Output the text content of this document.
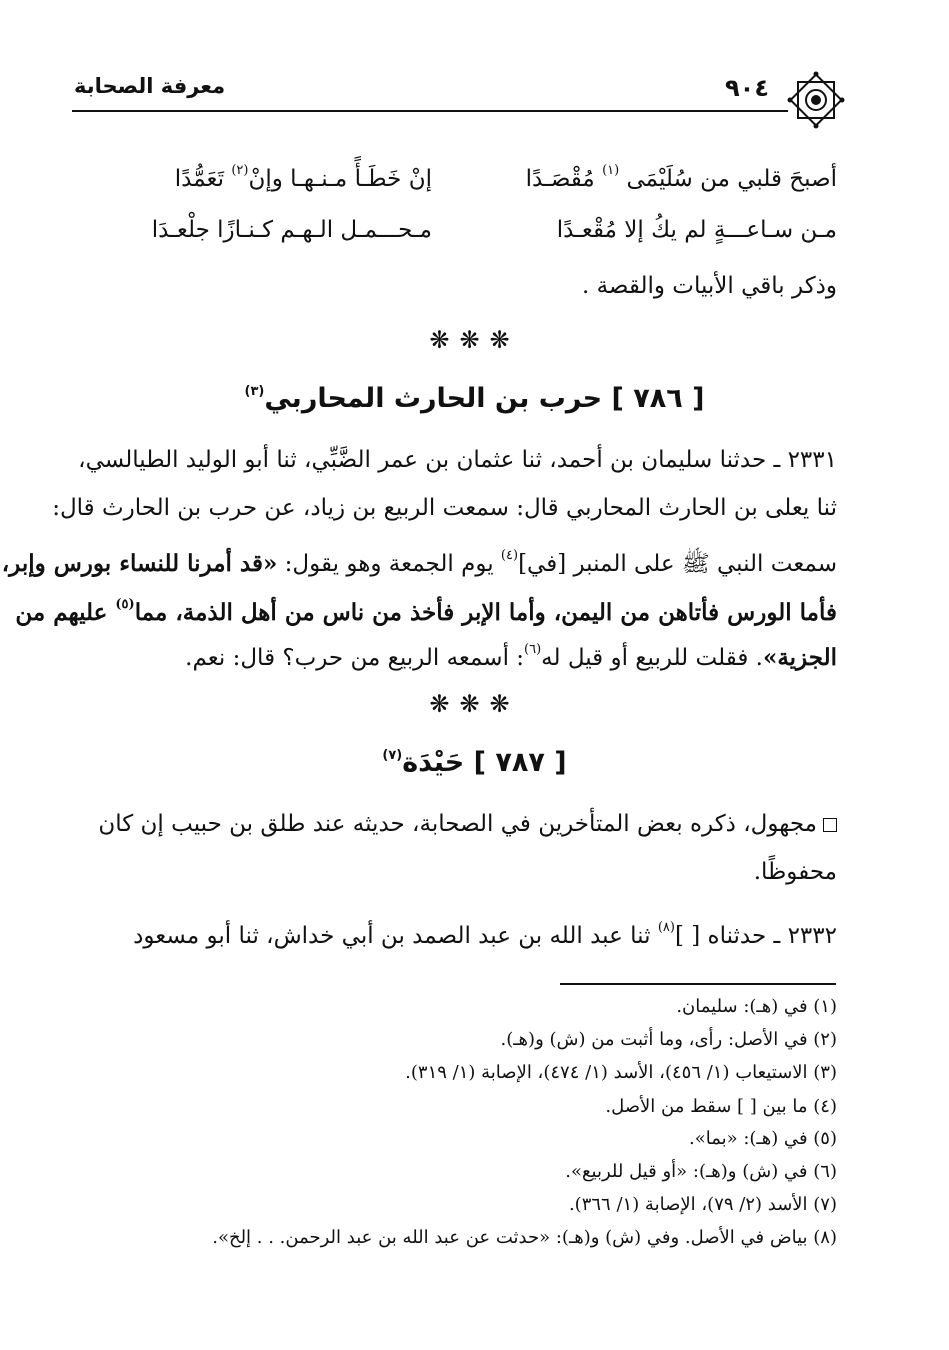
٩٠٤
معرفة الصحابة
أصبحَ قلبي من سُلَيْمَى $^{(١)}$ مُقْصَـدًا
إنْ خَطَـأً مـنـهـا وإنْ$^{(٢)}$ تَعَمُّدًا
مـن سـاعـــةٍ لم يكُ إلا مُقْعـدًا
مـحـــمـل الـهـم كـنـازًا جلْعـدَا
وذكر باقي الأبيات والقصة .
❋❋❋
[ ٧٨٦ ] حرب بن الحارث المحاربي$^{(٣)}$
٢٣٣١ ـ حدثنا سليمان بن أحمد، ثنا عثمان بن عمر الضَّبِّي، ثنا أبو الوليد الطيالسي،
ثنا يعلى بن الحارث المحاربي قال: سمعت الربيع بن زياد، عن حرب بن الحارث قال:
سمعت النبي ﷺ على المنبر [في]$^{(٤)}$ يوم الجمعة وهو يقول: «قد أمرنا للنساء بورس وإبر،
فأما الورس فأتاهن من اليمن، وأما الإبر فأخذ من ناس من أهل الذمة، مما$^{(٥)}$ عليهم من
الجزية». فقلت للربيع أو قيل له$^{(٦)}$: أسمعه الربيع من حرب؟ قال: نعم.
❋❋❋
[ ٧٨٧ ] حَيْدَة$^{(٧)}$
مجهول، ذكره بعض المتأخرين في الصحابة، حديثه عند طلق بن حبيب إن كان
محفوظًا.
٢٣٣٢ ـ حدثناه [ ]$^{(٨)}$ ثنا عبد الله بن عبد الصمد بن أبي خداش، ثنا أبو مسعود
(١) في (هـ): سليمان.
(٢) في الأصل: رأى، وما أثبت من (ش) و(هـ).
(٣) الاستيعاب (١/ ٤٥٦)، الأسد (١/ ٤٧٤)، الإصابة (١/ ٣١٩).
(٤) ما بين [ ] سقط من الأصل.
(٥) في (هـ): «بما».
(٦) في (ش) و(هـ): «أو قيل للربيع».
(٧) الأسد (٢/ ٧٩)، الإصابة (١/ ٣٦٦).
(٨) بياض في الأصل. وفي (ش) و(هـ): «حدثت عن عبد الله بن عبد الرحمن. . . إلخ».
